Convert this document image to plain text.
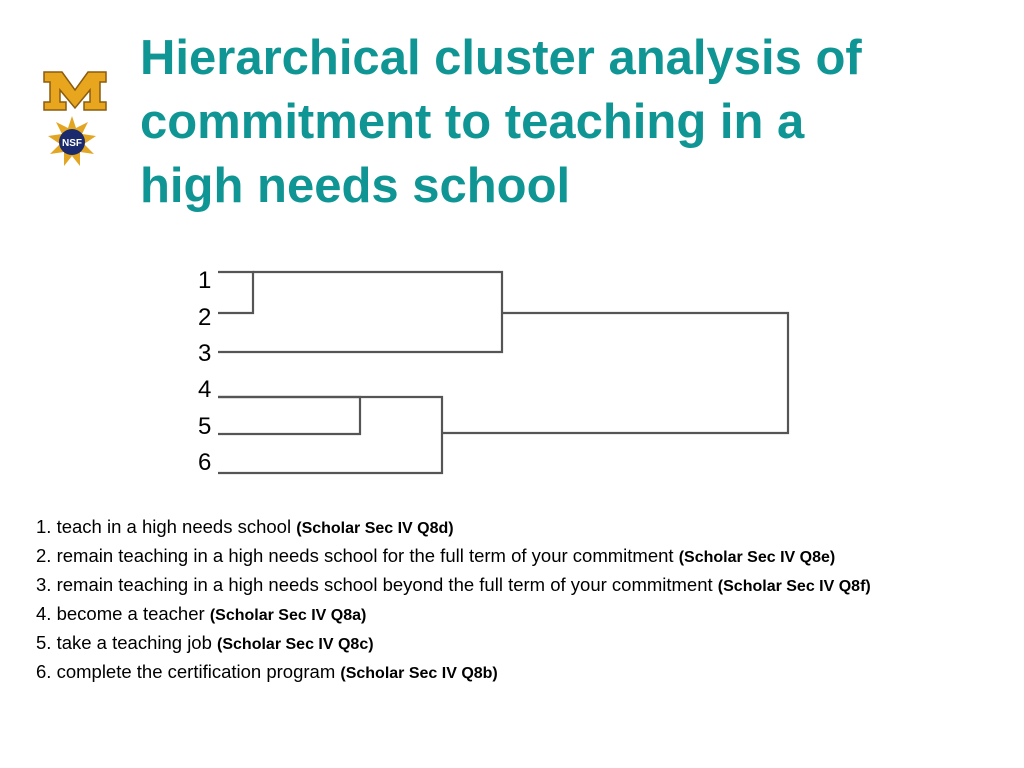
NSF
Hierarchical cluster analysis of
commitment to teaching in a
high needs school
1
2
3
4
5
6
1. teach in a high needs school (Scholar Sec IV Q8d)
2. remain teaching in a high needs school for the full term of your commitment (Scholar Sec IV Q8e)
3. remain teaching in a high needs school beyond the full term of your commitment (Scholar Sec IV Q8f)
4. become a teacher (Scholar Sec IV Q8a)
5. take a teaching job (Scholar Sec IV Q8c)
6. complete the certification program (Scholar Sec IV Q8b)
